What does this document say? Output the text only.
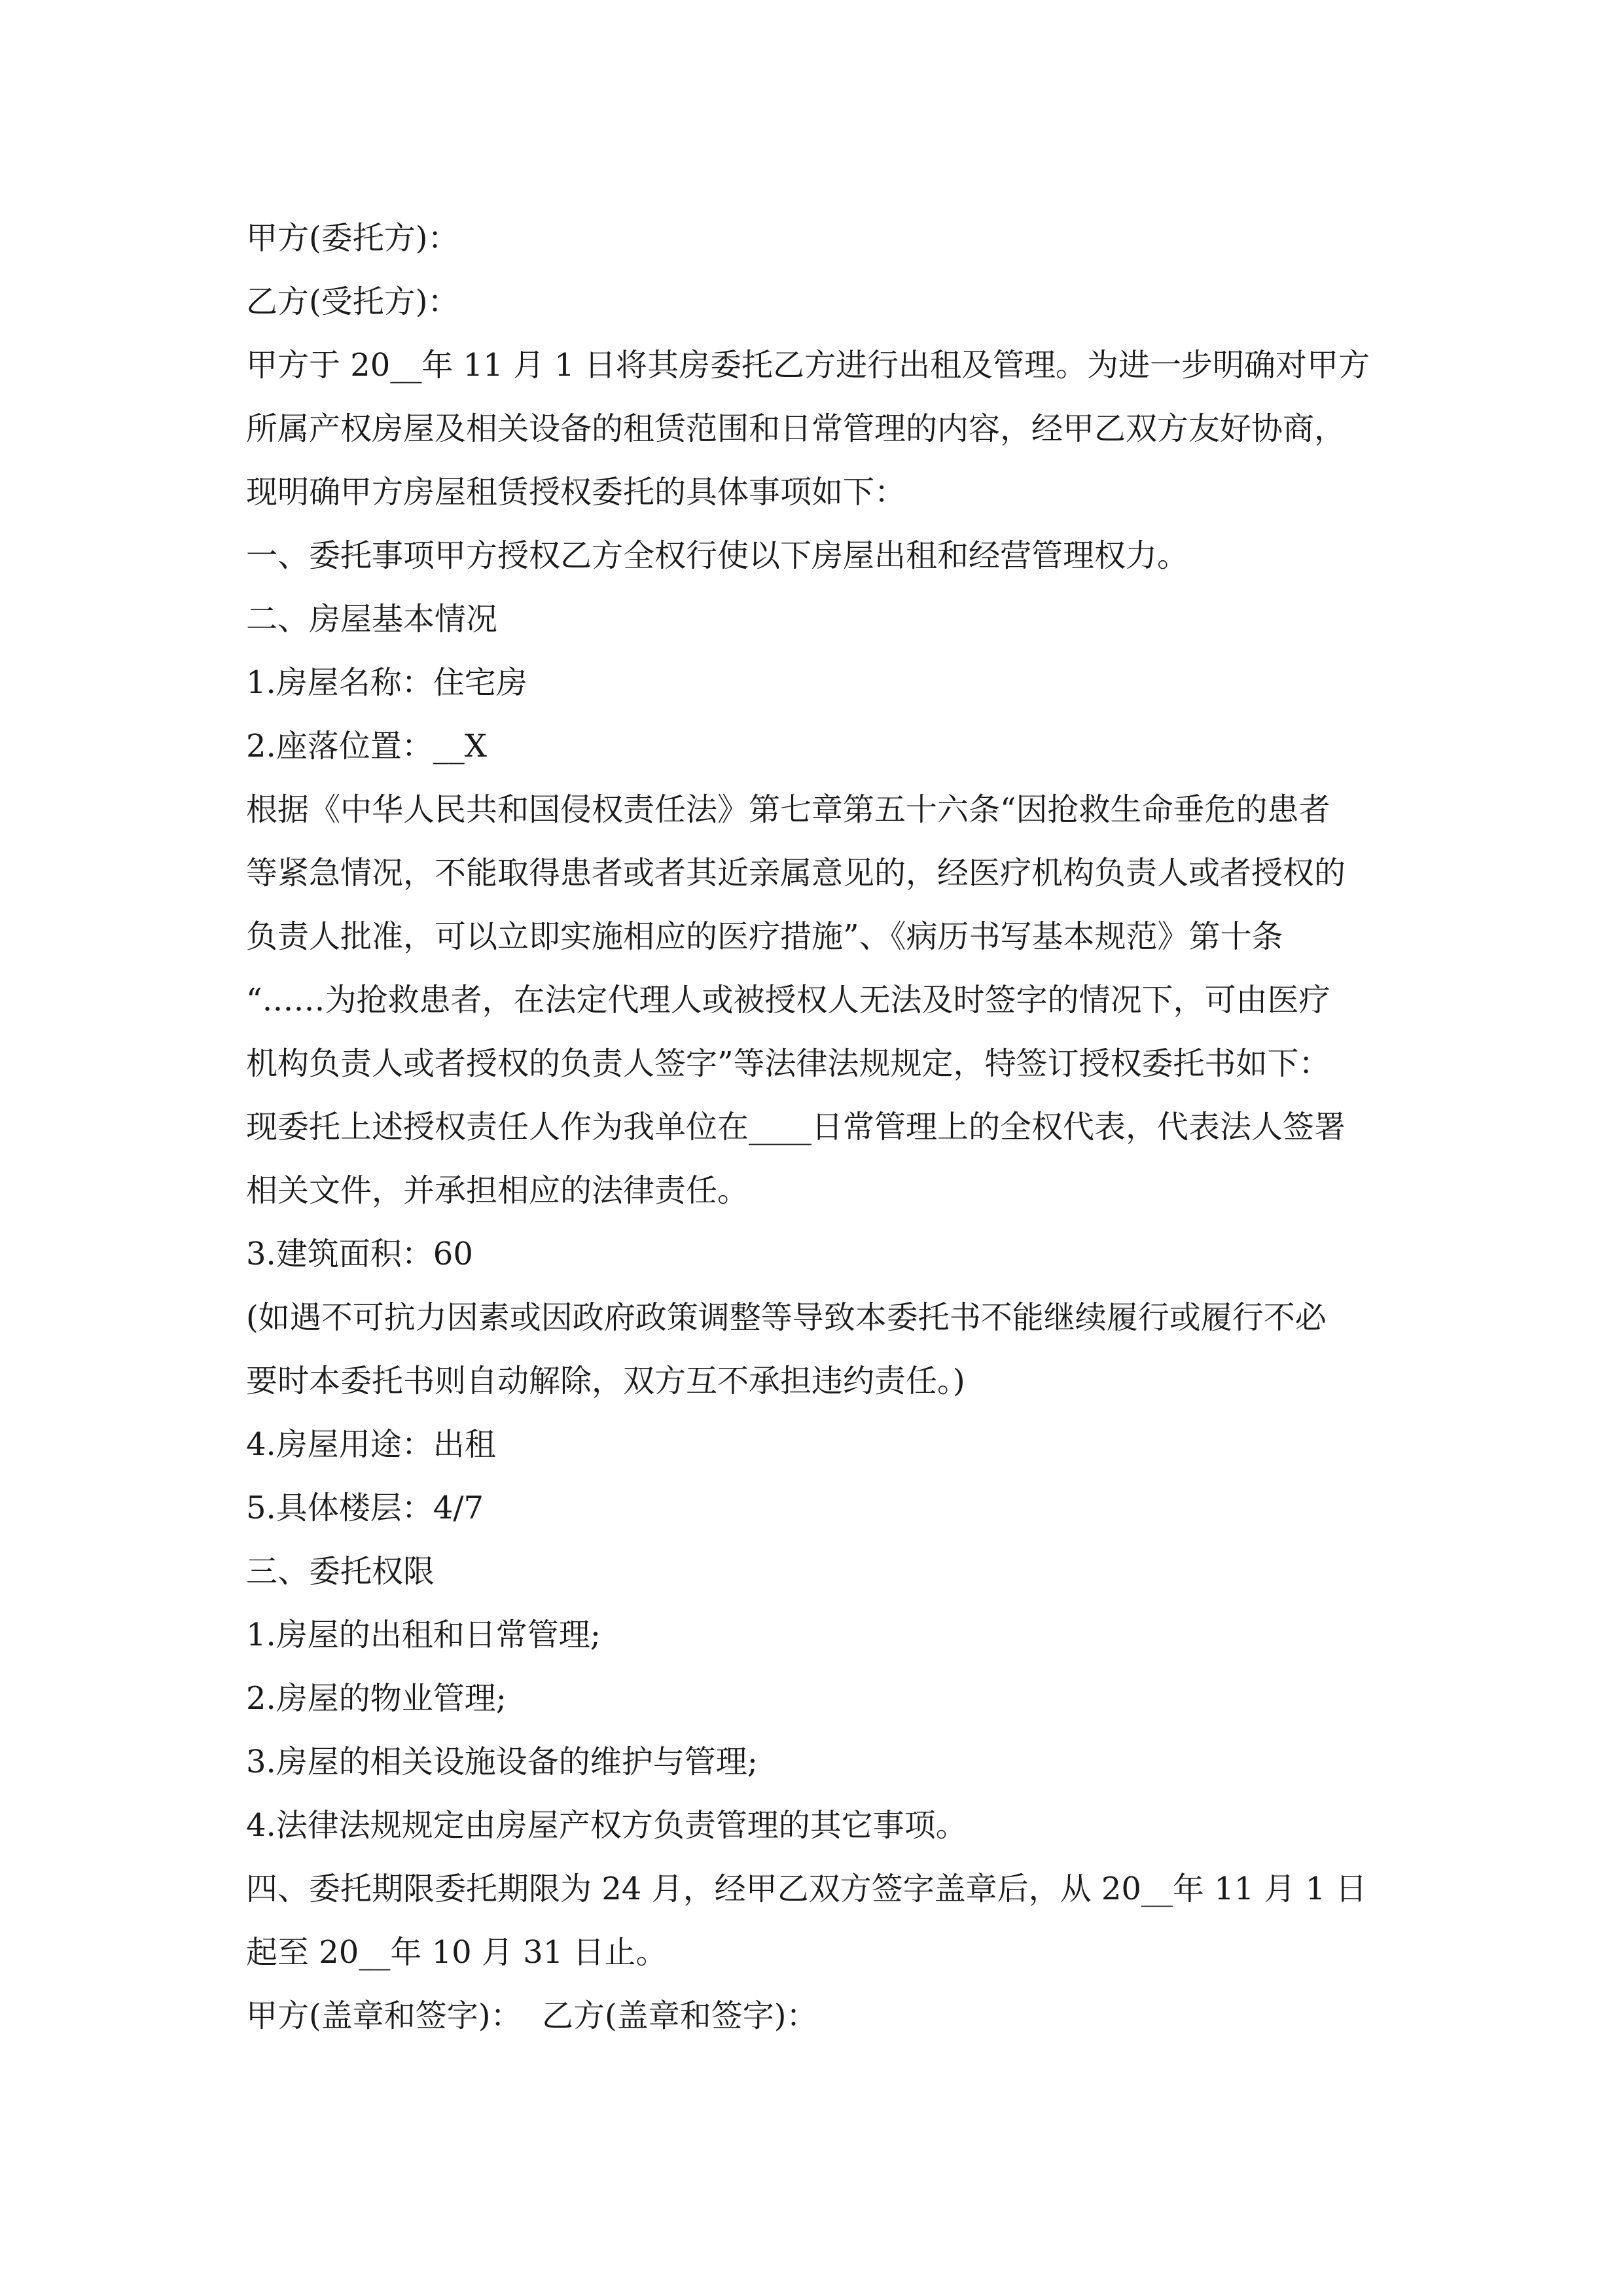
甲方(委托方)：
乙方(受托方)：
甲方于 20__年 11 月 1 日将其房委托乙方进行出租及管理。为进一步明确对甲方
所属产权房屋及相关设备的租赁范围和日常管理的内容，经甲乙双方友好协商，
现明确甲方房屋租赁授权委托的具体事项如下：
一、委托事项甲方授权乙方全权行使以下房屋出租和经营管理权力。
二、房屋基本情况
1.房屋名称：住宅房
2.座落位置：__X
根据《中华人民共和国侵权责任法》第七章第五十六条“因抢救生命垂危的患者
等紧急情况，不能取得患者或者其近亲属意见的，经医疗机构负责人或者授权的
负责人批准，可以立即实施相应的医疗措施”、《病历书写基本规范》第十条
“……为抢救患者，在法定代理人或被授权人无法及时签字的情况下，可由医疗
机构负责人或者授权的负责人签字”等法律法规规定，特签订授权委托书如下：
现委托上述授权责任人作为我单位在____日常管理上的全权代表，代表法人签署
相关文件，并承担相应的法律责任。
3.建筑面积：60
(如遇不可抗力因素或因政府政策调整等导致本委托书不能继续履行或履行不必
要时本委托书则自动解除，双方互不承担违约责任。)
4.房屋用途：出租
5.具体楼层：4/7
三、委托权限
1.房屋的出租和日常管理;
2.房屋的物业管理;
3.房屋的相关设施设备的维护与管理;
4.法律法规规定由房屋产权方负责管理的其它事项。
四、委托期限委托期限为 24 月，经甲乙双方签字盖章后，从 20__年 11 月 1 日
起至 20__年 10 月 31 日止。
甲方(盖章和签字)：  乙方(盖章和签字)：
